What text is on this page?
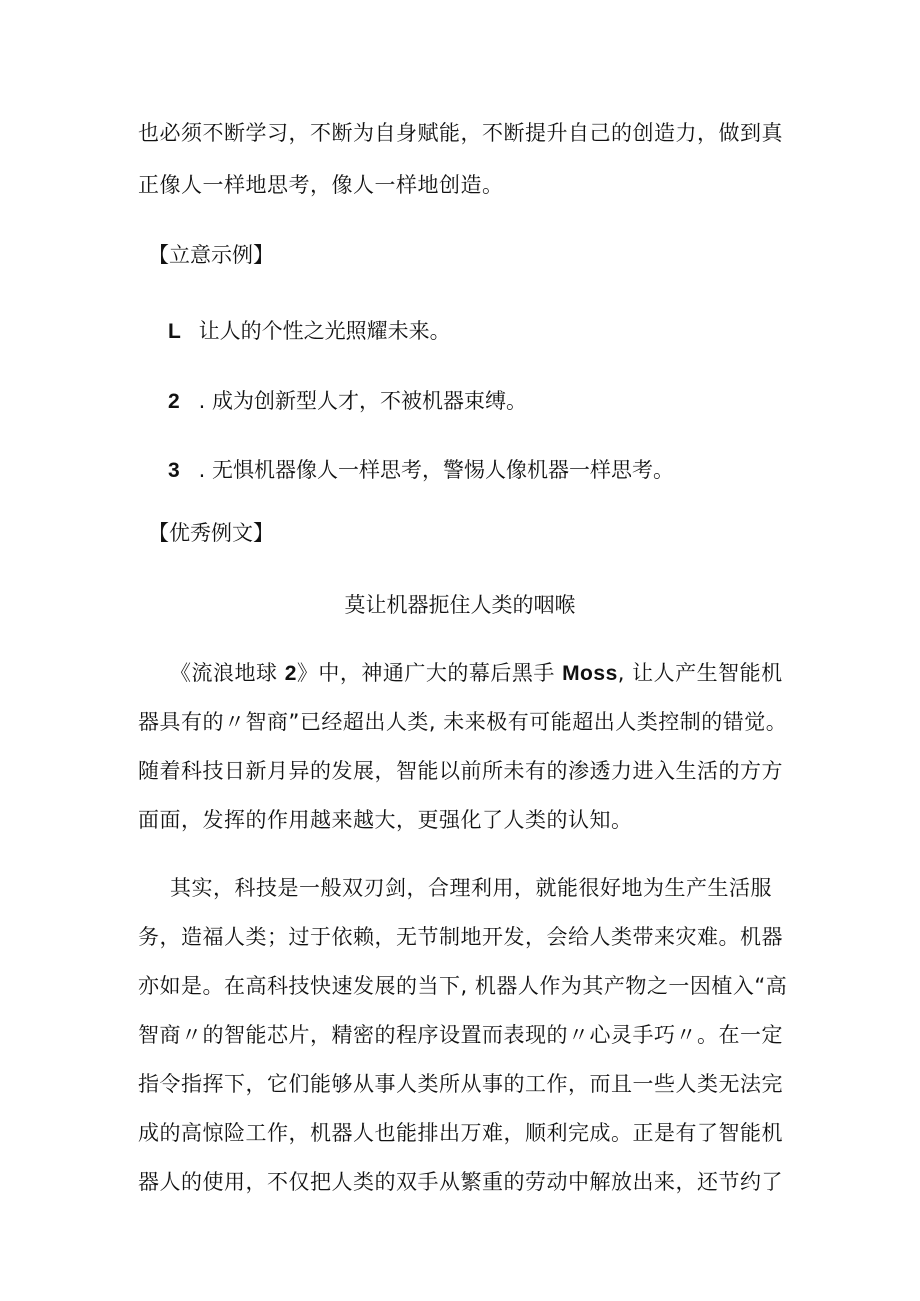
也必须不断学习，不断为自身赋能，不断提升自己的创造力，做到真
正像人一样地思考，像人一样地创造。
【立意示例】
L 让人的个性之光照耀未来。
2 . 成为创新型人才，不被机器束缚。
3 . 无惧机器像人一样思考，警惕人像机器一样思考。
【优秀例文】
莫让机器扼住人类的咽喉
《流浪地球 2》中，神通广大的幕后黑手 Moss, 让人产生智能机
器具有的〃智商”已经超出人类, 未来极有可能超出人类控制的错觉。
随着科技日新月异的发展，智能以前所未有的渗透力进入生活的方方
面面，发挥的作用越来越大，更强化了人类的认知。
其实，科技是一般双刃剑，合理利用，就能很好地为生产生活服
务，造福人类；过于依赖，无节制地开发，会给人类带来灾难。机器
亦如是。在高科技快速发展的当下, 机器人作为其产物之一因植入“高
智商〃的智能芯片，精密的程序设置而表现的〃心灵手巧〃。在一定
指令指挥下，它们能够从事人类所从事的工作，而且一些人类无法完
成的高惊险工作，机器人也能排出万难，顺利完成。正是有了智能机
器人的使用，不仅把人类的双手从繁重的劳动中解放出来，还节约了
